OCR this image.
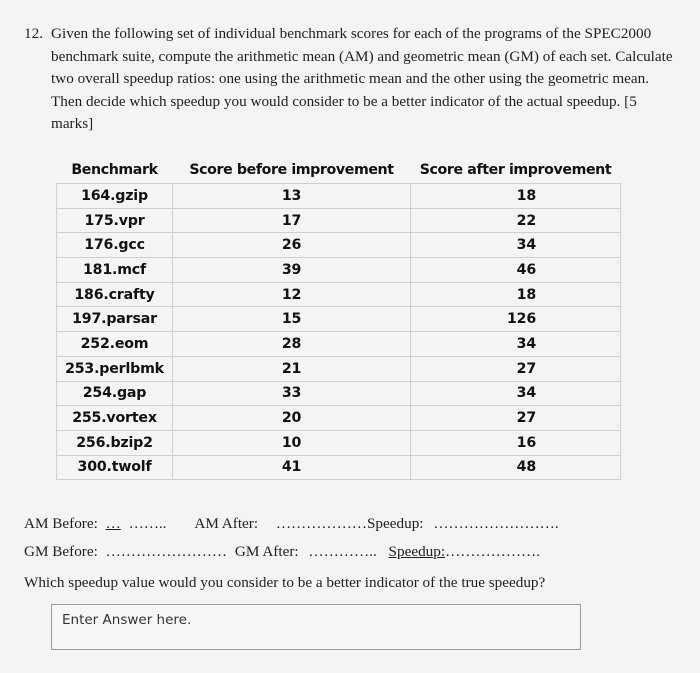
12. Given the following set of individual benchmark scores for each of the programs of the SPEC2000 benchmark suite, compute the arithmetic mean (AM) and geometric mean (GM) of each set. Calculate two overall speedup ratios: one using the arithmetic mean and the other using the geometric mean. Then decide which speedup you would consider to be a better indicator of the actual speedup. [5 marks]
Benchmark	Score before improvement	Score after improvement
164.gzip	13	18
175.vpr	17	22
176.gcc	26	34
181.mcf	39	46
186.crafty	12	18
197.parsar	15	126
252.eom	28	34
253.perlbmk	21	27
254.gap	33	34
255.vortex	20	27
256.bzip2	10	16
300.twolf	41	48
AM Before: … …….. AM After: ………………Speedup: …………………….
GM Before: …………………… GM After: ………….. Speedup:……………….
Which speedup value would you consider to be a better indicator of the true speedup?
Enter Answer here.
